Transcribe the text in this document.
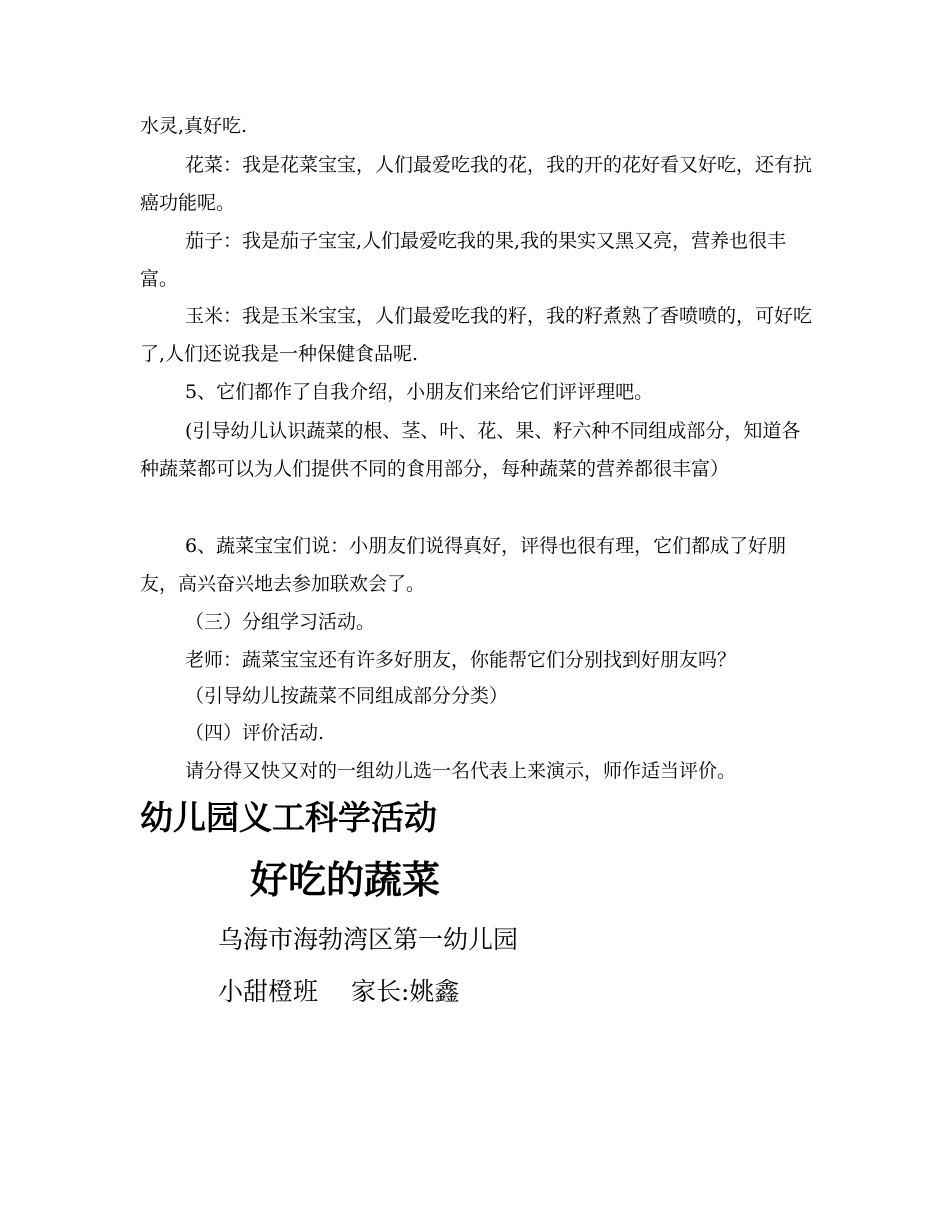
水灵,真好吃.
花菜：我是花菜宝宝，人们最爱吃我的花，我的开的花好看又好吃，还有抗癌功能呢。
茄子：我是茄子宝宝,人们最爱吃我的果,我的果实又黑又亮，营养也很丰富。
玉米：我是玉米宝宝，人们最爱吃我的籽，我的籽煮熟了香喷喷的，可好吃了,人们还说我是一种保健食品呢.
5、它们都作了自我介绍，小朋友们来给它们评评理吧。
(引导幼儿认识蔬菜的根、茎、叶、花、果、籽六种不同组成部分，知道各种蔬菜都可以为人们提供不同的食用部分，每种蔬菜的营养都很丰富）
6、蔬菜宝宝们说：小朋友们说得真好，评得也很有理，它们都成了好朋友，高兴奋兴地去参加联欢会了。
（三）分组学习活动。
老师：蔬菜宝宝还有许多好朋友，你能帮它们分别找到好朋友吗？
（引导幼儿按蔬菜不同组成部分分类）
（四）评价活动.
请分得又快又对的一组幼儿选一名代表上来演示，师作适当评价。
幼儿园义工科学活动
好吃的蔬菜
乌海市海勃湾区第一幼儿园
小甜橙班　 家长:姚鑫
